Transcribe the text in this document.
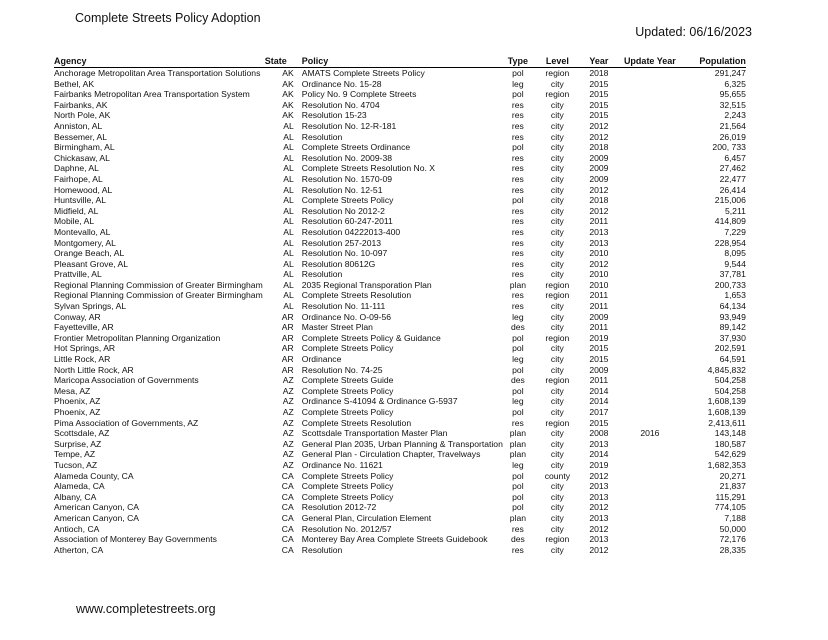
Complete Streets Policy Adoption
Updated: 06/16/2023
Agency	State	Policy	Type	Level	Year	Update Year	Population
Anchorage Metropolitan Area Transportation Solutions	AK	AMATS Complete Streets Policy	pol	region	2018		291,247
Bethel, AK	AK	Ordinance No. 15-28	leg	city	2015		6,325
Fairbanks Metropolitan Area Transportation System	AK	Policy No. 9 Complete Streets	pol	region	2015		95,655
Fairbanks, AK	AK	Resolution No. 4704	res	city	2015		32,515
North Pole, AK	AK	Resolution 15-23	res	city	2015		2,243
Anniston, AL	AL	Resolution No. 12-R-181	res	city	2012		21,564
Bessemer, AL	AL	Resolution	res	city	2012		26,019
Birmingham, AL	AL	Complete Streets Ordinance	pol	city	2018		200, 733
Chickasaw, AL	AL	Resolution No. 2009-38	res	city	2009		6,457
Daphne, AL	AL	Complete Streets Resolution No. X	res	city	2009		27,462
Fairhope, AL	AL	Resolution No. 1570-09	res	city	2009		22,477
Homewood, AL	AL	Resolution No. 12-51	res	city	2012		26,414
Huntsville, AL	AL	Complete Streets Policy	pol	city	2018		215,006
Midfield, AL	AL	Resolution No 2012-2	res	city	2012		5,211
Mobile, AL	AL	Resolution 60-247-2011	res	city	2011		414,809
Montevallo, AL	AL	Resolution 04222013-400	res	city	2013		7,229
Montgomery, AL	AL	Resolution 257-2013	res	city	2013		228,954
Orange Beach, AL	AL	Resolution No. 10-097	res	city	2010		8,095
Pleasant Grove, AL	AL	Resolution 80612G	res	city	2012		9,544
Prattville, AL	AL	Resolution	res	city	2010		37,781
Regional Planning Commission of Greater Birmingham	AL	2035 Regional Transporation Plan	plan	region	2010		200,733
Regional Planning Commission of Greater Birmingham	AL	Complete Streets Resolution	res	region	2011		1,653
Sylvan Springs, AL	AL	Resolution No. 11-111	res	city	2011		64,134
Conway, AR	AR	Ordinance No. O-09-56	leg	city	2009		93,949
Fayetteville, AR	AR	Master Street Plan	des	city	2011		89,142
Frontier Metropolitan Planning Organization	AR	Complete Streets Policy & Guidance	pol	region	2019		37,930
Hot Springs, AR	AR	Complete Streets Policy	pol	city	2015		202,591
Little Rock, AR	AR	Ordinance	leg	city	2015		64,591
North Little Rock, AR	AR	Resolution No. 74-25	pol	city	2009		4,845,832
Maricopa Association of Governments	AZ	Complete Streets Guide	des	region	2011		504,258
Mesa, AZ	AZ	Complete Streets Policy	pol	city	2014		504,258
Phoenix, AZ	AZ	Ordinance S-41094 & Ordinance G-5937	leg	city	2014		1,608,139
Phoenix, AZ	AZ	Complete Streets Policy	pol	city	2017		1,608,139
Pima Association of Governments, AZ	AZ	Complete Streets Resolution	res	region	2015		2,413,611
Scottsdale, AZ	AZ	Scottsdale Transportation Master Plan	plan	city	2008	2016	143,148
Surprise, AZ	AZ	General Plan 2035, Urban Planning & Transportation	plan	city	2013		180,587
Tempe, AZ	AZ	General Plan - Circulation Chapter, Travelways	plan	city	2014		542,629
Tucson, AZ	AZ	Ordinance No. 11621	leg	city	2019		1,682,353
Alameda County, CA	CA	Complete Streets Policy	pol	county	2012		20,271
Alameda, CA	CA	Complete Streets Policy	pol	city	2013		21,837
Albany, CA	CA	Complete Streets Policy	pol	city	2013		115,291
American Canyon, CA	CA	Resolution 2012-72	pol	city	2012		774,105
American Canyon, CA	CA	General Plan, Circulation Element	plan	city	2013		7,188
Antioch, CA	CA	Resolution No. 2012/57	res	city	2012		50,000
Association of Monterey Bay Governments	CA	Monterey Bay Area Complete Streets Guidebook	des	region	2013		72,176
Atherton, CA	CA	Resolution	res	city	2012		28,335
www.completestreets.org
